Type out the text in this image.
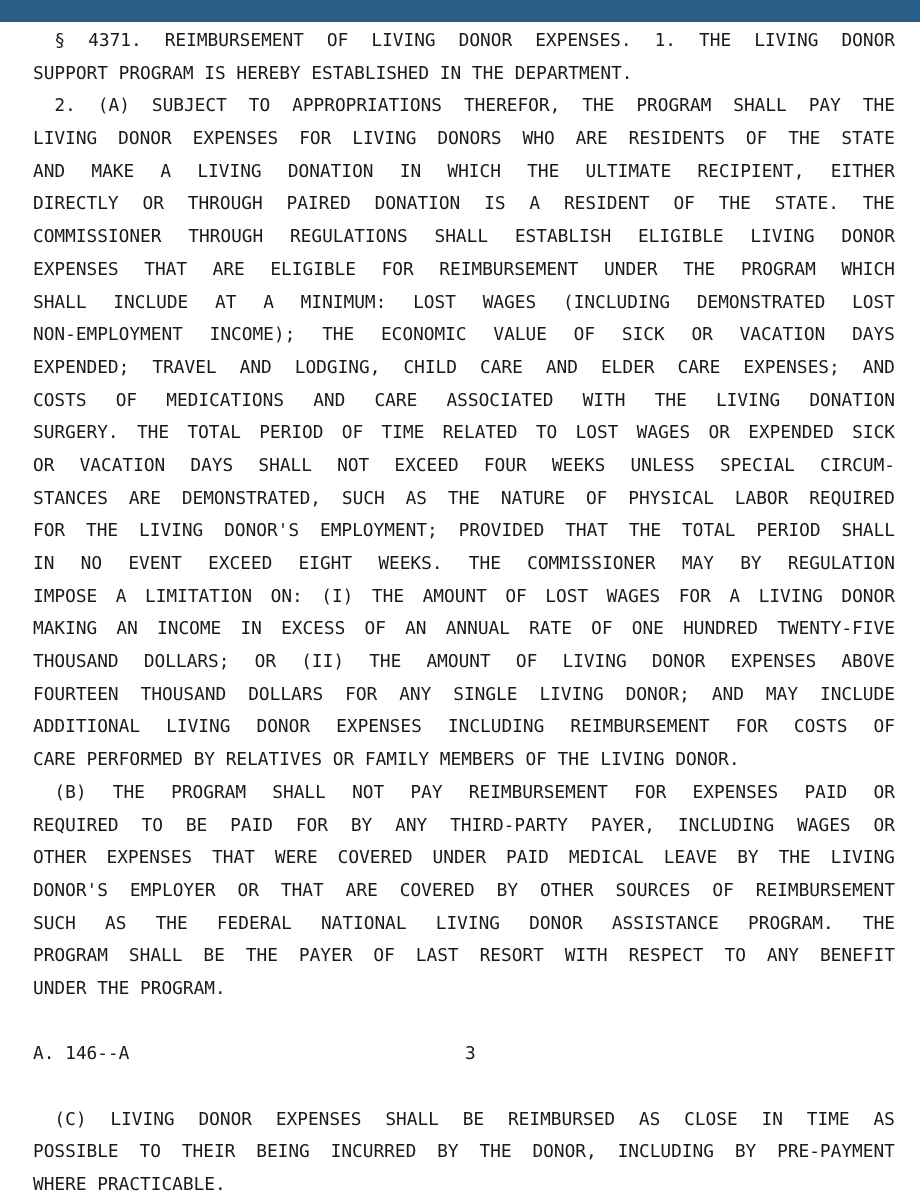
§ 4371. REIMBURSEMENT OF LIVING DONOR EXPENSES. 1. THE LIVING DONOR
SUPPORT PROGRAM IS HEREBY ESTABLISHED IN THE DEPARTMENT.
2. (A) SUBJECT TO APPROPRIATIONS THEREFOR, THE PROGRAM SHALL PAY THE
LIVING DONOR EXPENSES FOR LIVING DONORS WHO ARE RESIDENTS OF THE STATE
AND MAKE A LIVING DONATION IN WHICH THE ULTIMATE RECIPIENT, EITHER
DIRECTLY OR THROUGH PAIRED DONATION IS A RESIDENT OF THE STATE. THE
COMMISSIONER THROUGH REGULATIONS SHALL ESTABLISH ELIGIBLE LIVING DONOR
EXPENSES THAT ARE ELIGIBLE FOR REIMBURSEMENT UNDER THE PROGRAM WHICH
SHALL INCLUDE AT A MINIMUM: LOST WAGES (INCLUDING DEMONSTRATED LOST
NON-EMPLOYMENT INCOME); THE ECONOMIC VALUE OF SICK OR VACATION DAYS
EXPENDED; TRAVEL AND LODGING, CHILD CARE AND ELDER CARE EXPENSES; AND
COSTS OF MEDICATIONS AND CARE ASSOCIATED WITH THE LIVING DONATION
SURGERY. THE TOTAL PERIOD OF TIME RELATED TO LOST WAGES OR EXPENDED SICK
OR VACATION DAYS SHALL NOT EXCEED FOUR WEEKS UNLESS SPECIAL CIRCUM-
STANCES ARE DEMONSTRATED, SUCH AS THE NATURE OF PHYSICAL LABOR REQUIRED
FOR THE LIVING DONOR'S EMPLOYMENT; PROVIDED THAT THE TOTAL PERIOD SHALL
IN NO EVENT EXCEED EIGHT WEEKS. THE COMMISSIONER MAY BY REGULATION
IMPOSE A LIMITATION ON: (I) THE AMOUNT OF LOST WAGES FOR A LIVING DONOR
MAKING AN INCOME IN EXCESS OF AN ANNUAL RATE OF ONE HUNDRED TWENTY-FIVE
THOUSAND DOLLARS; OR (II) THE AMOUNT OF LIVING DONOR EXPENSES ABOVE
FOURTEEN THOUSAND DOLLARS FOR ANY SINGLE LIVING DONOR; AND MAY INCLUDE
ADDITIONAL LIVING DONOR EXPENSES INCLUDING REIMBURSEMENT FOR COSTS OF
CARE PERFORMED BY RELATIVES OR FAMILY MEMBERS OF THE LIVING DONOR.
(B) THE PROGRAM SHALL NOT PAY REIMBURSEMENT FOR EXPENSES PAID OR
REQUIRED TO BE PAID FOR BY ANY THIRD-PARTY PAYER, INCLUDING WAGES OR
OTHER EXPENSES THAT WERE COVERED UNDER PAID MEDICAL LEAVE BY THE LIVING
DONOR'S EMPLOYER OR THAT ARE COVERED BY OTHER SOURCES OF REIMBURSEMENT
SUCH AS THE FEDERAL NATIONAL LIVING DONOR ASSISTANCE PROGRAM. THE
PROGRAM SHALL BE THE PAYER OF LAST RESORT WITH RESPECT TO ANY BENEFIT
UNDER THE PROGRAM.
A. 146--A	3
(C) LIVING DONOR EXPENSES SHALL BE REIMBURSED AS CLOSE IN TIME AS
POSSIBLE TO THEIR BEING INCURRED BY THE DONOR, INCLUDING BY PRE-PAYMENT
WHERE PRACTICABLE.
